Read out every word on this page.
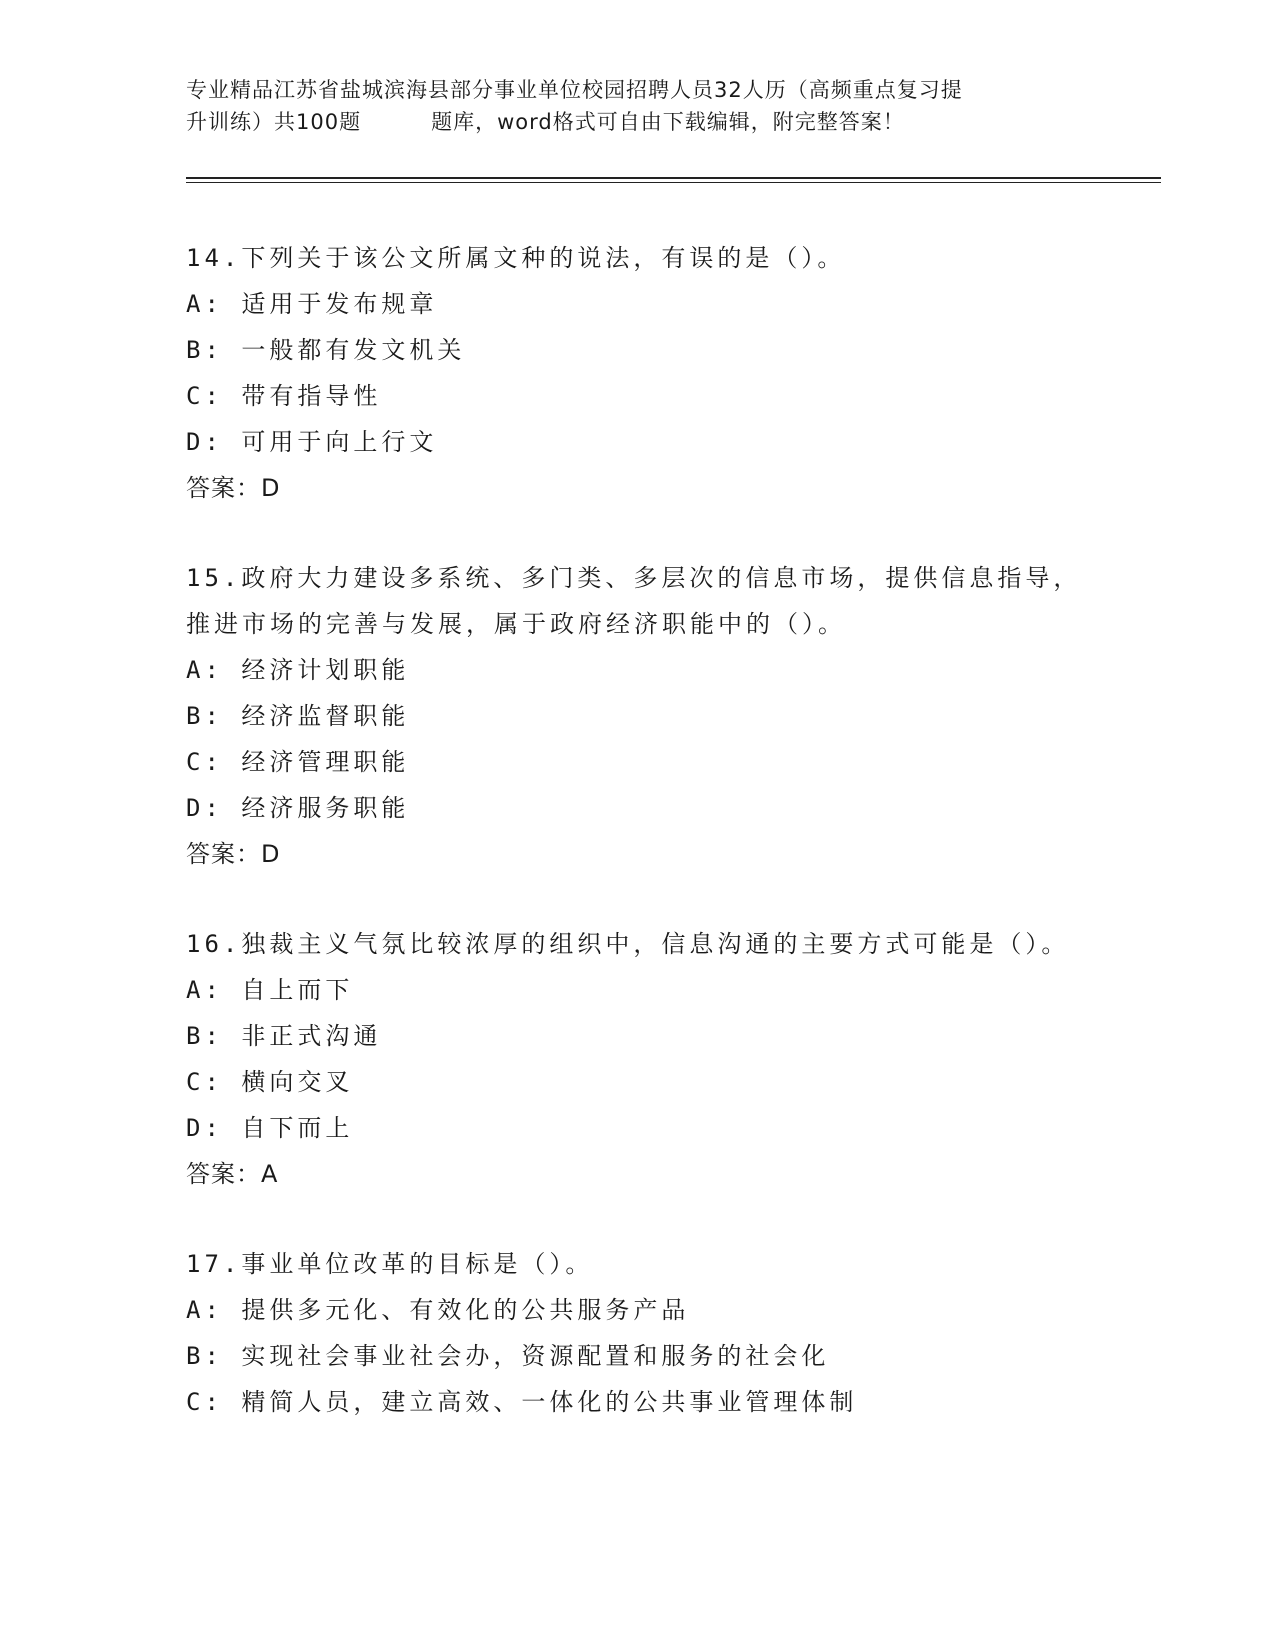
专业精品江苏省盐城滨海县部分事业单位校园招聘人员32人历（高频重点复习提
升训练）共100题	题库，word格式可自由下载编辑，附完整答案！
14.下列关于该公文所属文种的说法，有误的是（）。
A: 适用于发布规章
B: 一般都有发文机关
C: 带有指导性
D: 可用于向上行文
答案：D
15.政府大力建设多系统、多门类、多层次的信息市场，提供信息指导，推进市场的完善与发展，属于政府经济职能中的（）。
A: 经济计划职能
B: 经济监督职能
C: 经济管理职能
D: 经济服务职能
答案：D
16.独裁主义气氛比较浓厚的组织中，信息沟通的主要方式可能是（）。
A: 自上而下
B: 非正式沟通
C: 横向交叉
D: 自下而上
答案：A
17.事业单位改革的目标是（）。
A: 提供多元化、有效化的公共服务产品
B: 实现社会事业社会办，资源配置和服务的社会化
C: 精简人员，建立高效、一体化的公共事业管理体制
